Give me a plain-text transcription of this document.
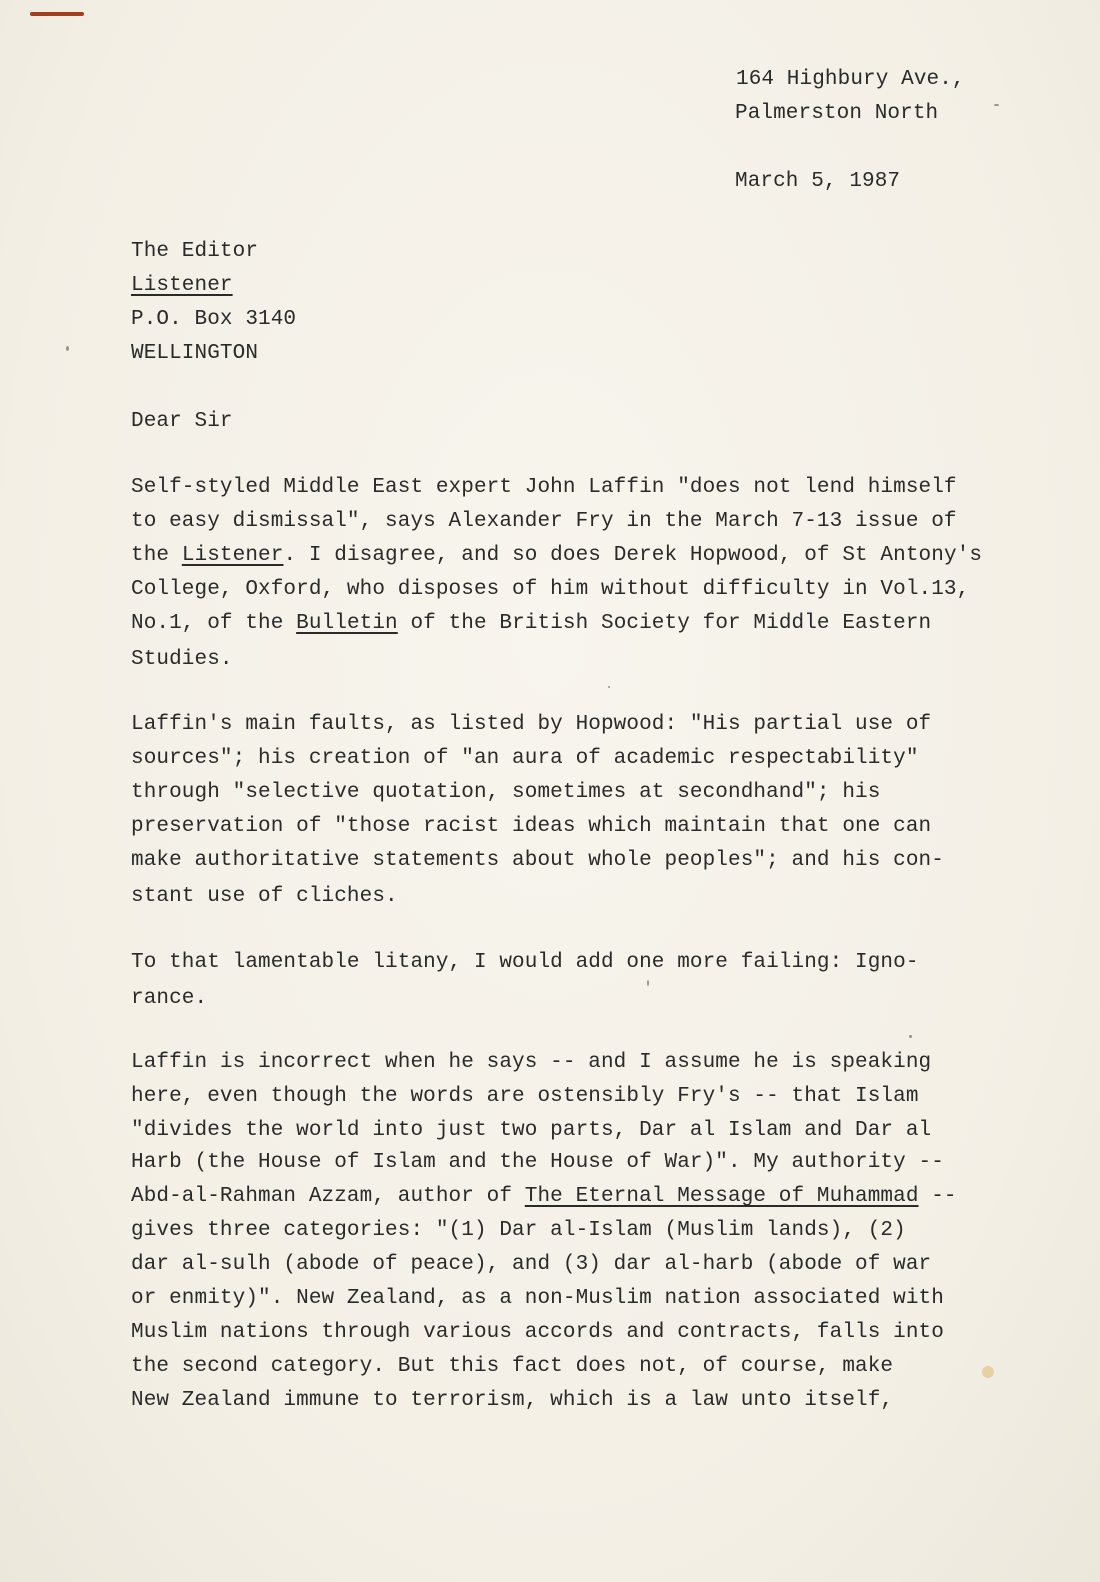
164 Highbury Ave.,
Palmerston North
March 5, 1987
The Editor
Listener
P.O. Box 3140
WELLINGTON
Dear Sir
Self-styled Middle East expert John Laffin "does not lend himself
to easy dismissal", says Alexander Fry in the March 7-13 issue of
the Listener. I disagree, and so does Derek Hopwood, of St Antony's
College, Oxford, who disposes of him without difficulty in Vol.13,
No.1, of the Bulletin of the British Society for Middle Eastern
Studies.
Laffin's main faults, as listed by Hopwood: "His partial use of
sources"; his creation of "an aura of academic respectability"
through "selective quotation, sometimes at secondhand"; his
preservation of "those racist ideas which maintain that one can
make authoritative statements about whole peoples"; and his con-
stant use of cliches.
To that lamentable litany, I would add one more failing: Igno-
rance.
Laffin is incorrect when he says -- and I assume he is speaking
here, even though the words are ostensibly Fry's -- that Islam
"divides the world into just two parts, Dar al Islam and Dar al
Harb (the House of Islam and the House of War)". My authority --
Abd-al-Rahman Azzam, author of The Eternal Message of Muhammad --
gives three categories: "(1) Dar al-Islam (Muslim lands), (2)
dar al-sulh (abode of peace), and (3) dar al-harb (abode of war
or enmity)". New Zealand, as a non-Muslim nation associated with
Muslim nations through various accords and contracts, falls into
the second category. But this fact does not, of course, make
New Zealand immune to terrorism, which is a law unto itself,
